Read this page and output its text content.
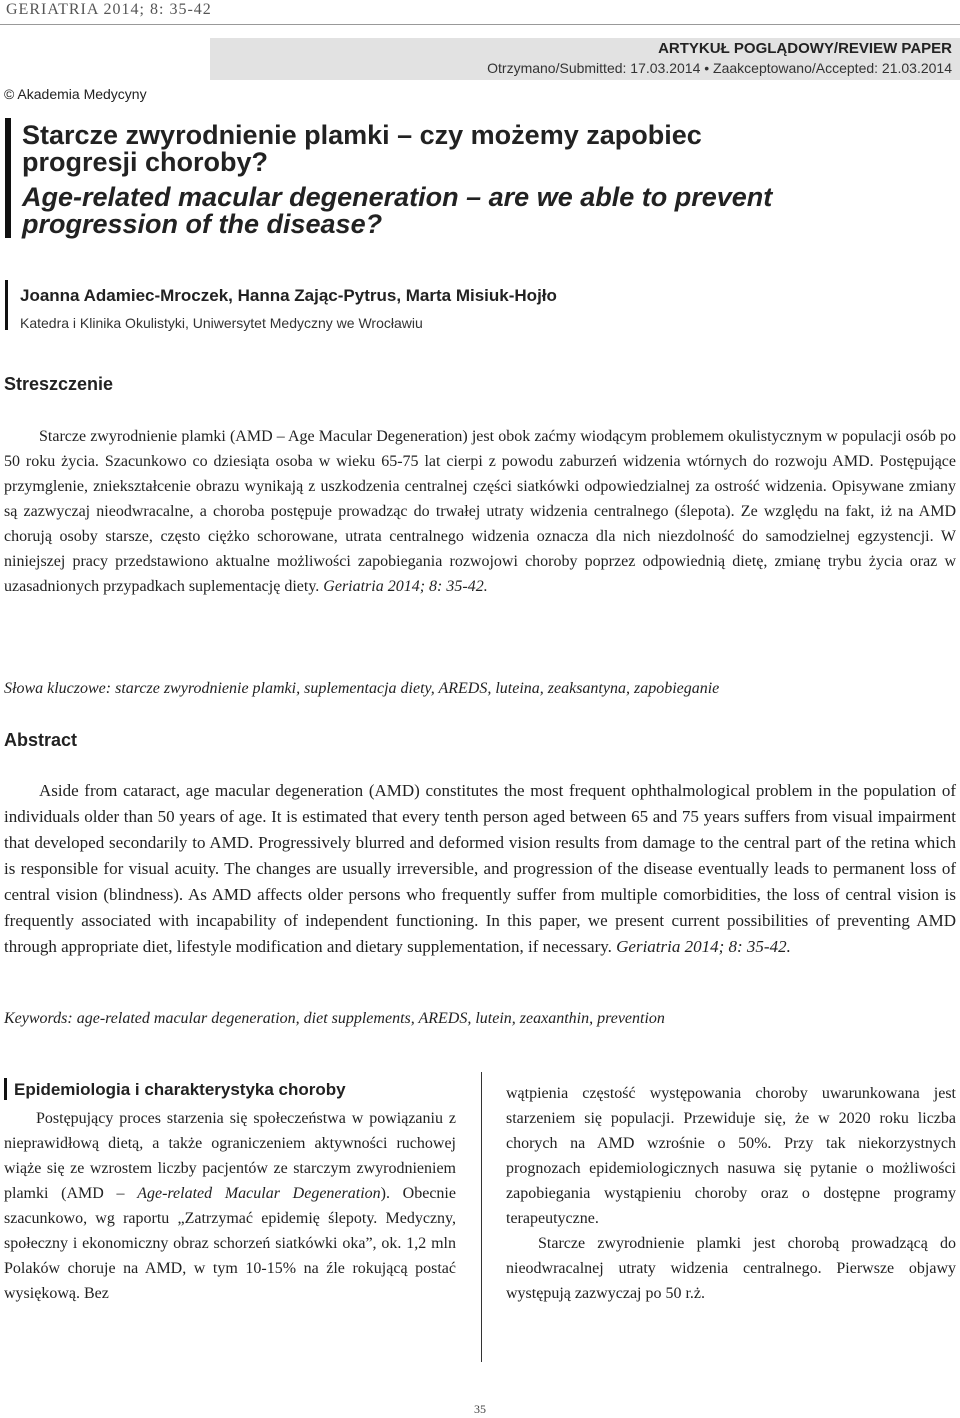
GERIATRIA 2014; 8: 35-42
ARTYKUŁ POGLĄDOWY/REVIEW PAPER
Otrzymano/Submitted: 17.03.2014 • Zaakceptowano/Accepted: 21.03.2014
© Akademia Medycyny
Starcze zwyrodnienie plamki – czy możemy zapobiec
progresji choroby?
Age-related macular degeneration – are we able to prevent
progression of the disease?
Joanna Adamiec-Mroczek, Hanna Zając-Pytrus, Marta Misiuk-Hojło
Katedra i Klinika Okulistyki, Uniwersytet Medyczny we Wrocławiu
Streszczenie

Starcze zwyrodnienie plamki (AMD – Age Macular Degeneration) jest obok zaćmy wiodącym problemem okulistycznym w populacji osób po 50 roku życia. Szacunkowo co dziesiąta osoba w wieku 65-75 lat cierpi z powodu zaburzeń widzenia wtórnych do rozwoju AMD. Postępujące przymglenie, zniekształcenie obrazu wynikają z uszkodzenia centralnej części siatkówki odpowiedzialnej za ostrość widzenia. Opisywane zmiany są zazwyczaj nieodwracalne, a choroba postępuje prowadząc do trwałej utraty widzenia centralnego (ślepota). Ze względu na fakt, iż na AMD chorują osoby starsze, często ciężko schorowane, utrata centralnego widzenia oznacza dla nich niezdolność do samodzielnej egzystencji. W niniejszej pracy przedstawiono aktualne możliwości zapobiegania rozwojowi choroby poprzez odpowiednią dietę, zmianę trybu życia oraz w uzasadnionych przypadkach suplementację diety. Geriatria 2014; 8: 35-42.

Słowa kluczowe: starcze zwyrodnienie plamki, suplementacja diety, AREDS, luteina, zeaksantyna, zapobieganie
Abstract
Aside from cataract, age macular degeneration (AMD) constitutes the most frequent ophthalmological problem in the population of individuals older than 50 years of age. It is estimated that every tenth person aged between 65 and 75 years suffers from visual impairment that developed secondarily to AMD. Progressively blurred and deformed vision results from damage to the central part of the retina which is responsible for visual acuity. The changes are usually irreversible, and progression of the disease eventually leads to permanent loss of central vision (blindness). As AMD affects older persons who frequently suffer from multiple comorbidities, the loss of central vision is frequently associated with incapability of independent functioning. In this paper, we present current possibilities of preventing AMD through appropriate diet, lifestyle modification and dietary supplementation, if necessary. Geriatria 2014; 8: 35-42.
Keywords: age-related macular degeneration, diet supplements, AREDS, lutein, zeaxanthin, prevention
Epidemiologia i charakterystyka choroby

Postępujący proces starzenia się społeczeństwa w powiązaniu z nieprawidłową dietą, a także ograniczeniem aktywności ruchowej wiąże się ze wzrostem liczby pacjentów ze starczym zwyrodnieniem plamki (AMD – Age-related Macular Degeneration). Obecnie szacunkowo, wg raportu „Zatrzymać epidemię ślepoty. Medyczny, społeczny i ekonomiczny obraz schorzeń siatkówki oka”, ok. 1,2 mln Polaków choruje na AMD, w tym 10-15% na źle rokującą postać wysiękową. Bez

wątpienia częstość występowania choroby uwarunkowana jest starzeniem się populacji. Przewiduje się, że w 2020 roku liczba chorych na AMD wzrośnie o 50%. Przy tak niekorzystnych prognozach epidemiologicznych nasuwa się pytanie o możliwości zapobiegania wystąpieniu choroby oraz o dostępne programy terapeutyczne.

Starcze zwyrodnienie plamki jest chorobą prowadzącą do nieodwracalnej utraty widzenia centralnego. Pierwsze objawy występują zazwyczaj po 50 r.ż.

35
